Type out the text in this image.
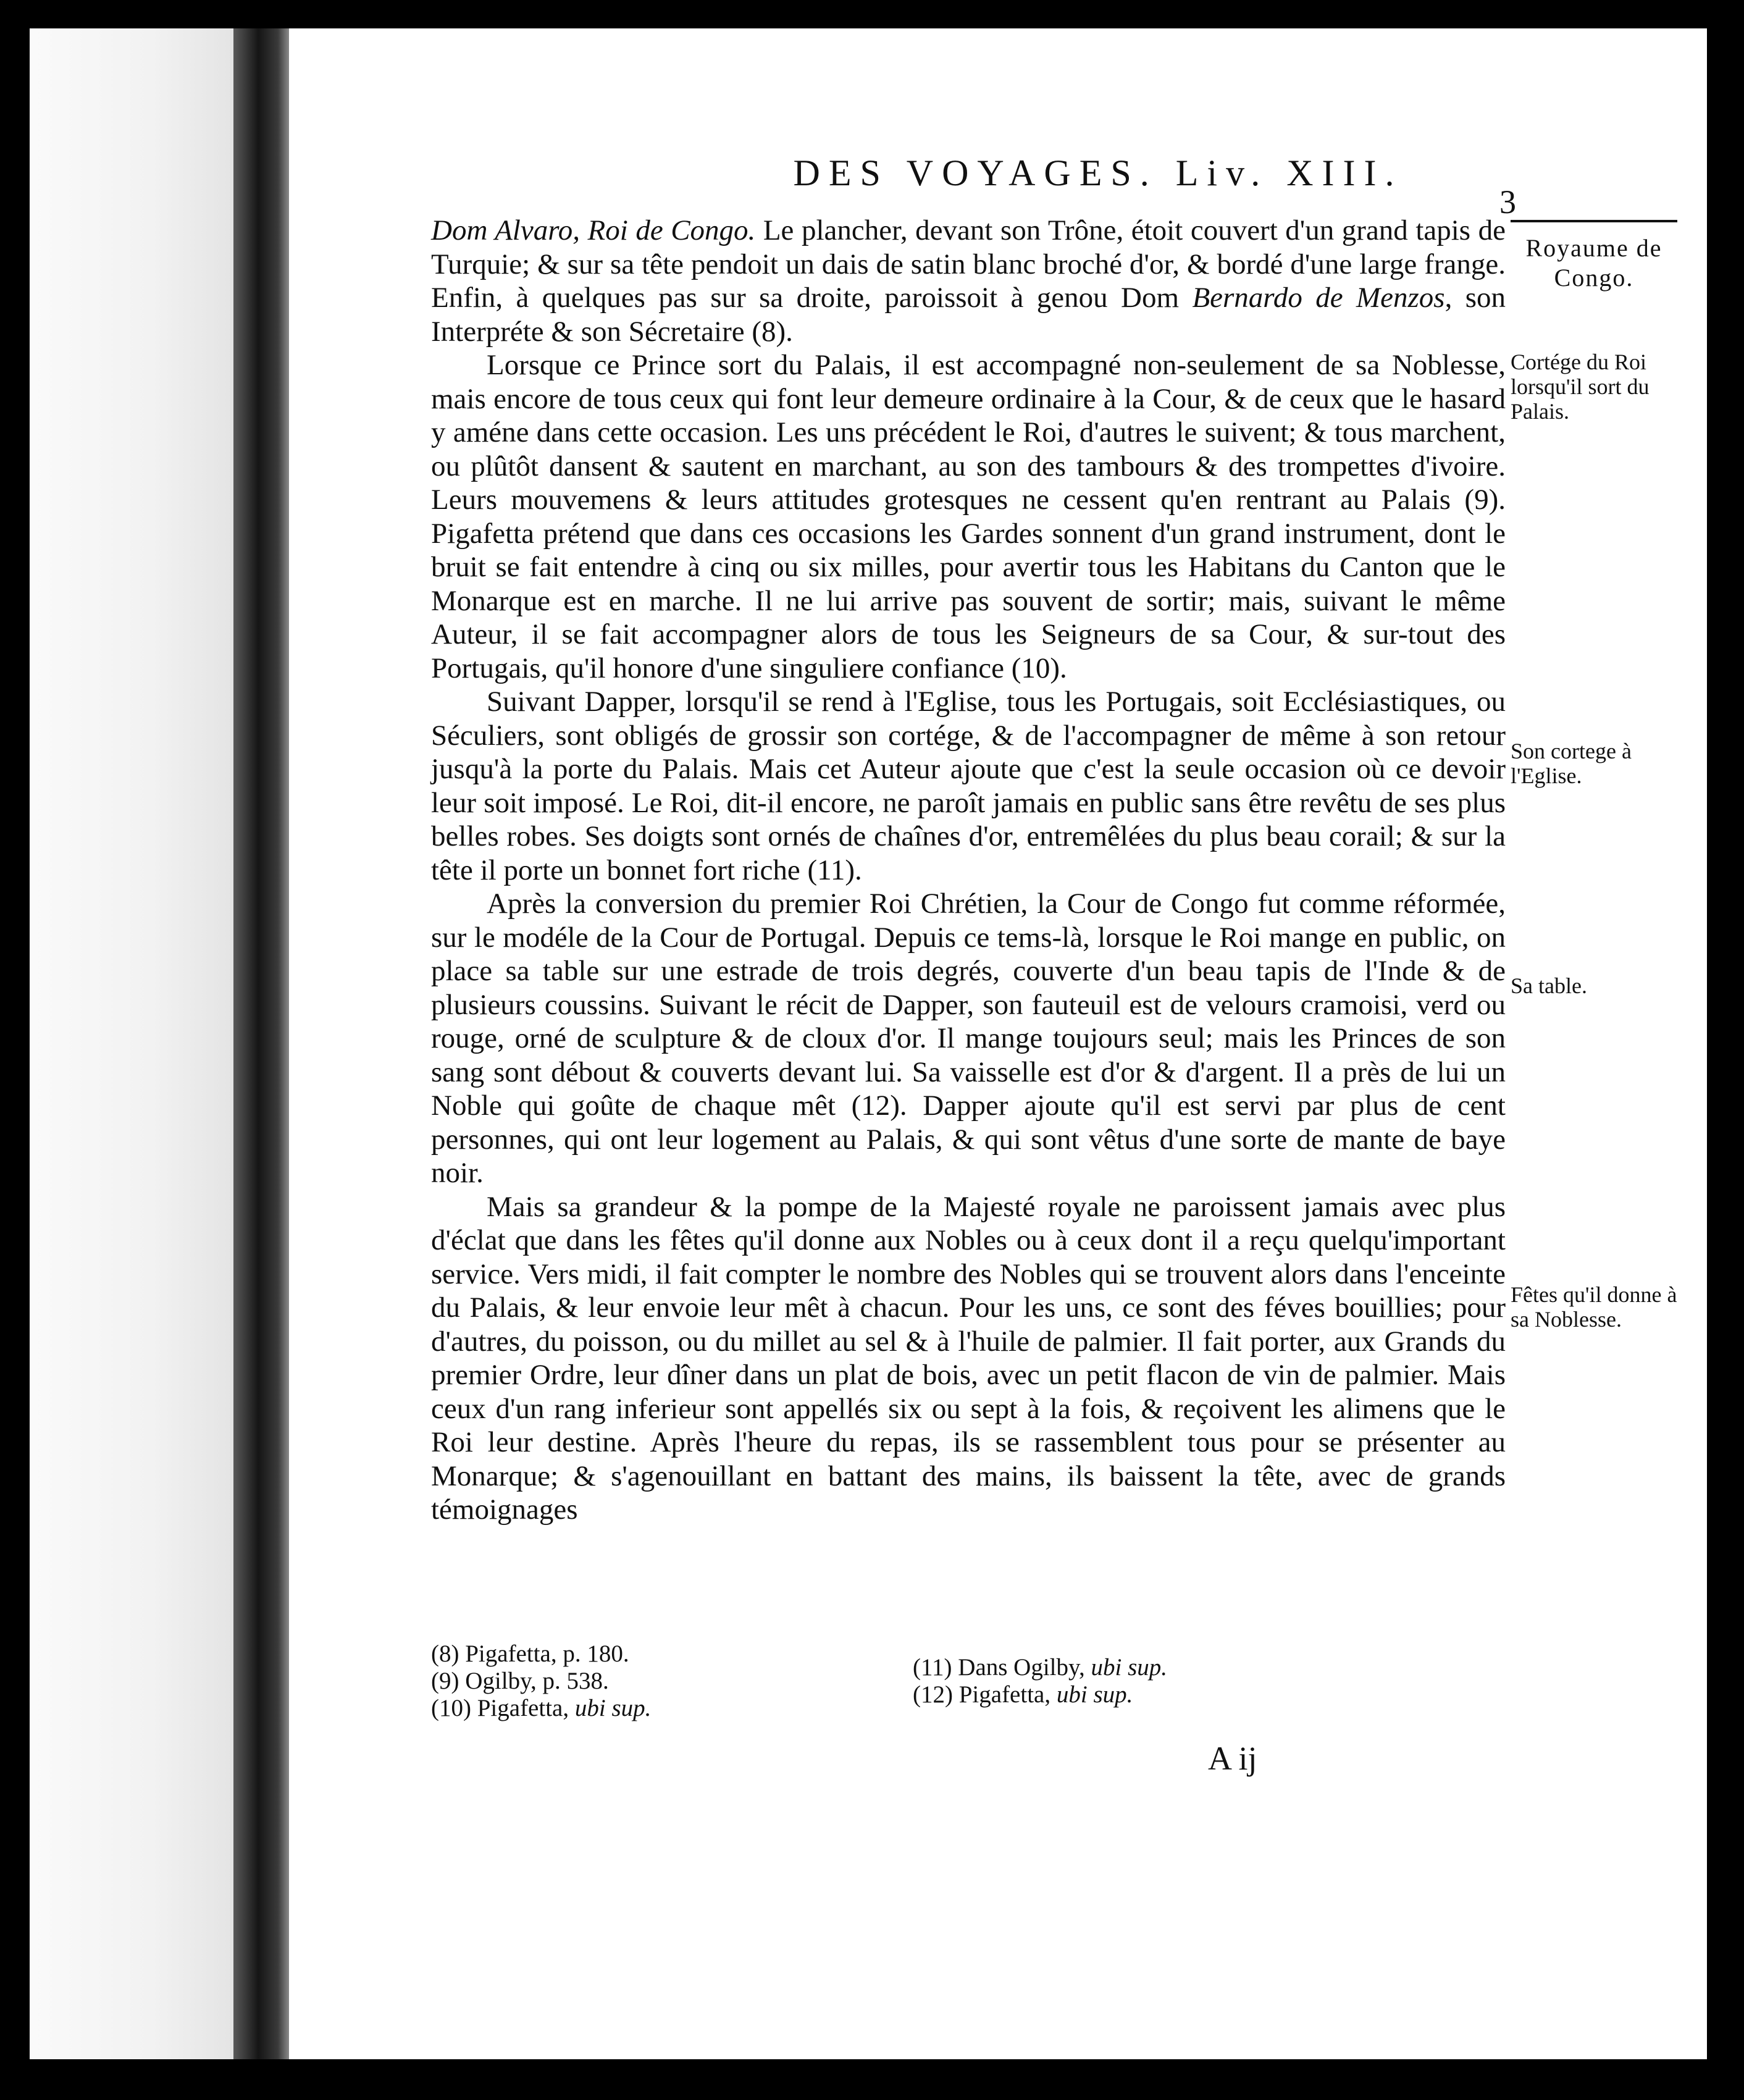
DES VOYAGES. Liv. XIII.
3

Dom Alvaro, Roi de Congo. Le plancher, devant son Trône, étoit couvert d'un grand tapis de Turquie; & sur sa tête pendoit un dais de satin blanc broché d'or, & bordé d'une large frange. Enfin, à quelques pas sur sa droite, paroissoit à genou Dom Bernardo de Menzos, son Interpréte & son Sécretaire (8).

Lorsque ce Prince sort du Palais, il est accompagné non-seulement de sa Noblesse, mais encore de tous ceux qui font leur demeure ordinaire à la Cour, & de ceux que le hasard y améne dans cette occasion. Les uns précédent le Roi, d'autres le suivent; & tous marchent, ou plûtôt dansent & sautent en marchant, au son des tambours & des trompettes d'ivoire. Leurs mouvemens & leurs attitudes grotesques ne cessent qu'en rentrant au Palais (9). Pigafetta prétend que dans ces occasions les Gardes sonnent d'un grand instrument, dont le bruit se fait entendre à cinq ou six milles, pour avertir tous les Habitans du Canton que le Monarque est en marche. Il ne lui arrive pas souvent de sortir; mais, suivant le même Auteur, il se fait accompagner alors de tous les Seigneurs de sa Cour, & sur-tout des Portugais, qu'il honore d'une singuliere confiance (10).

Suivant Dapper, lorsqu'il se rend à l'Eglise, tous les Portugais, soit Ecclésiastiques, ou Séculiers, sont obligés de grossir son cortége, & de l'accompagner de même à son retour jusqu'à la porte du Palais. Mais cet Auteur ajoute que c'est la seule occasion où ce devoir leur soit imposé. Le Roi, dit-il encore, ne paroît jamais en public sans être revêtu de ses plus belles robes. Ses doigts sont ornés de chaînes d'or, entremêlées du plus beau corail; & sur la tête il porte un bonnet fort riche (11).

Après la conversion du premier Roi Chrétien, la Cour de Congo fut comme réformée, sur le modéle de la Cour de Portugal. Depuis ce tems-là, lorsque le Roi mange en public, on place sa table sur une estrade de trois degrés, couverte d'un beau tapis de l'Inde & de plusieurs coussins. Suivant le récit de Dapper, son fauteuil est de velours cramoisi, verd ou rouge, orné de sculpture & de cloux d'or. Il mange toujours seul; mais les Princes de son sang sont débout & couverts devant lui. Sa vaisselle est d'or & d'argent. Il a près de lui un Noble qui goûte de chaque mêt (12). Dapper ajoute qu'il est servi par plus de cent personnes, qui ont leur logement au Palais, & qui sont vêtus d'une sorte de mante de baye noir.

Mais sa grandeur & la pompe de la Majesté royale ne paroissent jamais avec plus d'éclat que dans les fêtes qu'il donne aux Nobles ou à ceux dont il a reçu quelqu'important service. Vers midi, il fait compter le nombre des Nobles qui se trouvent alors dans l'enceinte du Palais, & leur envoie leur mêt à chacun. Pour les uns, ce sont des féves bouillies; pour d'autres, du poisson, ou du millet au sel & à l'huile de palmier. Il fait porter, aux Grands du premier Ordre, leur dîner dans un plat de bois, avec un petit flacon de vin de palmier. Mais ceux d'un rang inferieur sont appellés six ou sept à la fois, & reçoivent les alimens que le Roi leur destine. Après l'heure du repas, ils se rassemblent tous pour se présenter au Monarque; & s'agenouillant en battant des mains, ils baissent la tête, avec de grands témoignages

Royaume de Congo.
Cortége du Roi lorsqu'il sort du Palais.
Son cortege à l'Eglise.
Sa table.
Fêtes qu'il donne à sa Noblesse.
(8) Pigafetta, p. 180.
(9) Ogilby, p. 538.
(10) Pigafetta, ubi sup.
(11) Dans Ogilby, ubi sup.
(12) Pigafetta, ubi sup.
A ij
